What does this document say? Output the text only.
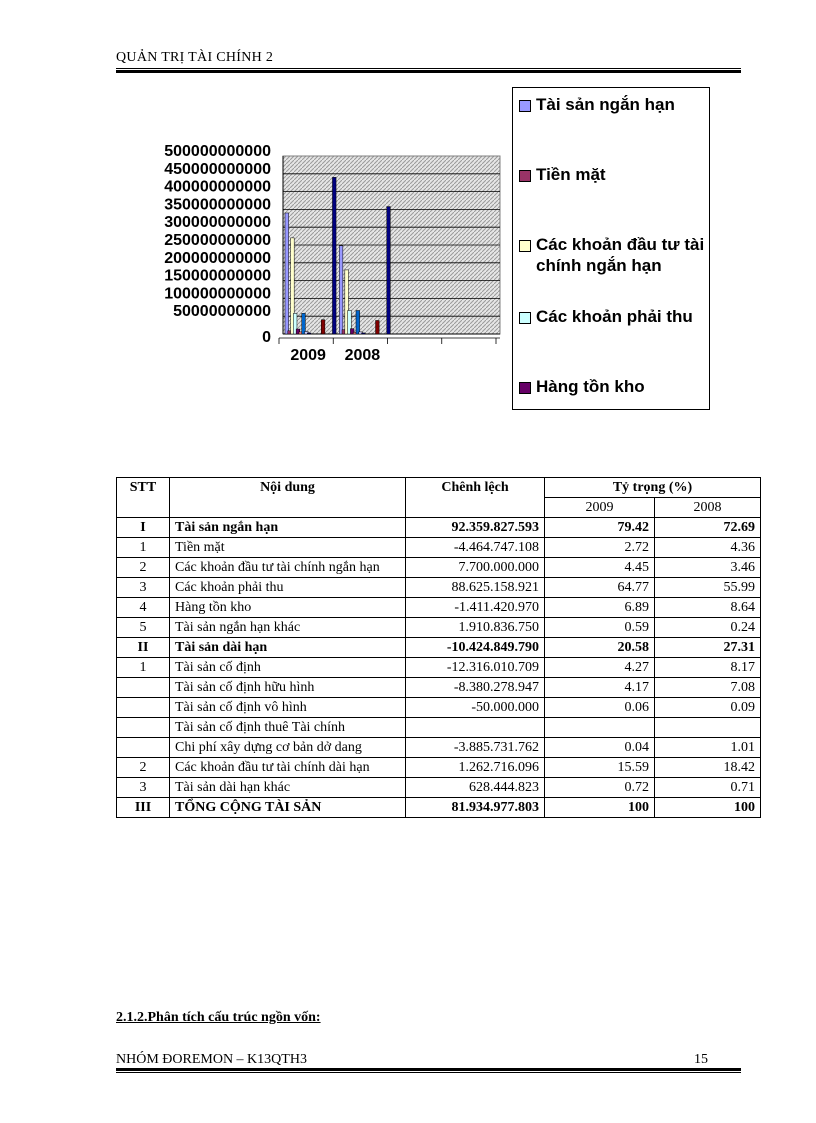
QUẢN TRỊ TÀI CHÍNH 2
500000000000
450000000000
400000000000
350000000000
300000000000
250000000000
200000000000
150000000000
100000000000
50000000000
0
2009 2008
Tài sản ngắn hạn
Tiền mặt
Các khoản đầu tư tài chính ngắn hạn
Các khoản phải thu
Hàng tồn kho
STT	Nội dung	Chênh lệch	Tỷ trọng (%)	
			2009	2008
I	Tài sản ngắn hạn	92.359.827.593	79.42	72.69
1	Tiền mặt	-4.464.747.108	2.72	4.36
2	Các khoản đầu tư tài chính ngắn hạn	7.700.000.000	4.45	3.46
3	Các khoản phải thu	88.625.158.921	64.77	55.99
4	Hàng tồn kho	-1.411.420.970	6.89	8.64
5	Tài sản ngắn hạn khác	1.910.836.750	0.59	0.24
II	Tài sản dài hạn	-10.424.849.790	20.58	27.31
1	Tài sản cố định	-12.316.010.709	4.27	8.17
	Tài sản cố định hữu hình	-8.380.278.947	4.17	7.08
	Tài sản cố định vô hình	-50.000.000	0.06	0.09
	Tài sản cố định thuê Tài chính			
	Chi phí xây dựng cơ bản dở dang	-3.885.731.762	0.04	1.01
2	Các khoản đầu tư tài chính dài hạn	1.262.716.096	15.59	18.42
3	Tài sản dài hạn khác	628.444.823	0.72	0.71
III	TỔNG CỘNG TÀI SẢN	81.934.977.803	100	100
2.1.2.Phân tích cấu trúc ngồn vốn:
NHÓM ĐOREMON – K13QTH3	15
